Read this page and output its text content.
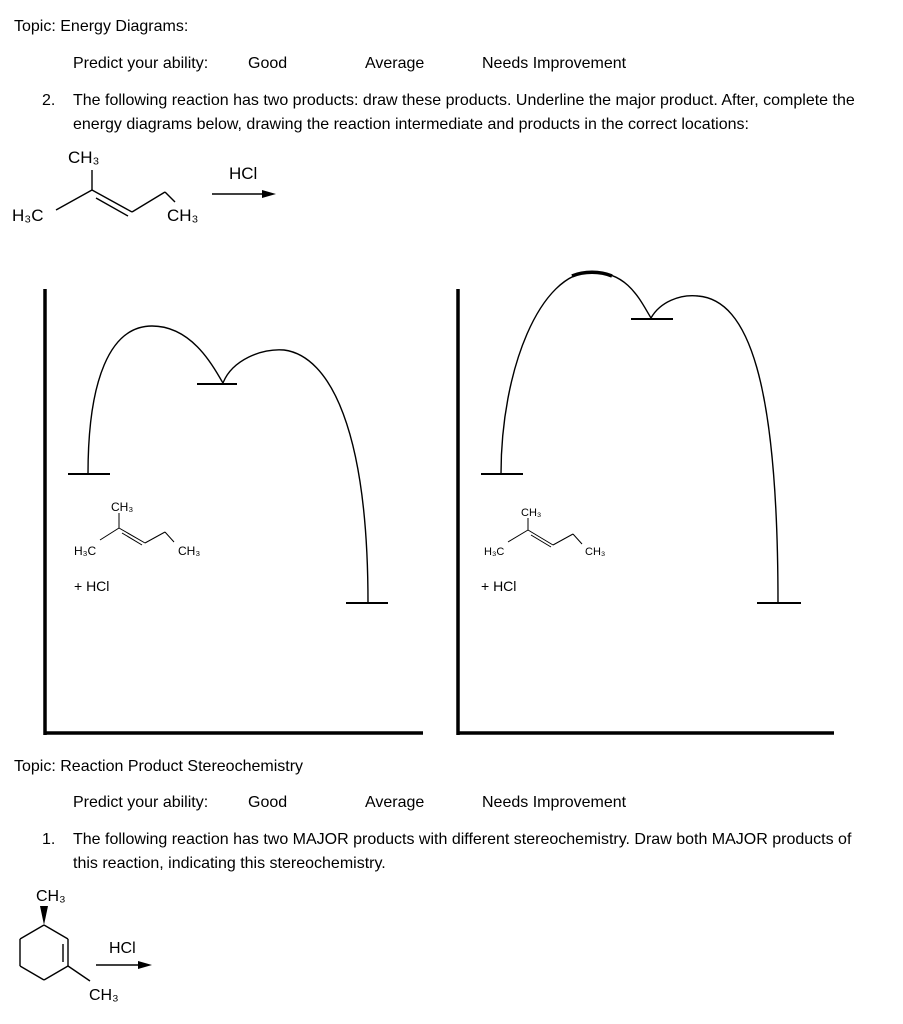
Topic: Energy Diagrams:
Predict your ability: Good	Average	Needs Improvement
2. The following reaction has two products: draw these products. Underline the major product. After, complete the
energy diagrams below, drawing the reaction intermediate and products in the correct locations:
CH₃
H₃C	CH₃
HCl
CH₃
H₃C	CH₃
+ HCl
CH₃
H₃C	CH₃
+ HCl
Topic: Reaction Product Stereochemistry
Predict your ability: Good	Average	Needs Improvement
1. The following reaction has two MAJOR products with different stereochemistry. Draw both MAJOR products of
this reaction, indicating this stereochemistry.
CH₃
CH₃
HCl
